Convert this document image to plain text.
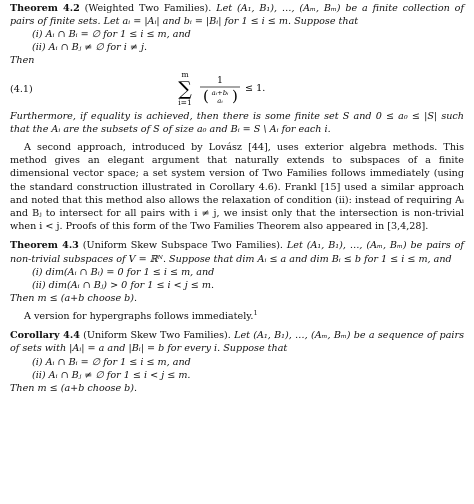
Theorem 4.2 (Weighted Two Families). Let (A₁, B₁), …, (Aₘ, Bₘ) be a finite collection of pairs of finite sets. Let aᵢ = |Aᵢ| and bᵢ = |Bᵢ| for 1 ≤ i ≤ m. Suppose that

(i) Aᵢ ∩ Bᵢ = ∅ for 1 ≤ i ≤ m, and
(ii) Aᵢ ∩ Bⱼ ≠ ∅ for i ≠ j.

Then

(4.1)
m
∑
i=1
1
( aᵢ+bᵢ
aᵢ ) ≤ 1.

Furthermore, if equality is achieved, then there is some finite set S and 0 ≤ a₀ ≤ |S| such that the Aᵢ are the subsets of S of size a₀ and Bᵢ = S \ Aᵢ for each i.

A second approach, introduced by Lovász [44], uses exterior algebra methods. This method gives an elegant argument that naturally extends to subspaces of a finite dimensional vector space; a set system version of Two Families follows immediately (using the standard construction illustrated in Corollary 4.6). Frankl [15] used a similar approach and noted that this method also allows the relaxation of condition (ii): instead of requiring Aᵢ and Bⱼ to intersect for all pairs with i ≠ j, we insist only that the intersection is non-trivial when i < j. Proofs of this form of the Two Families Theorem also appeared in [3,4,28].

Theorem 4.3 (Uniform Skew Subspace Two Families). Let (A₁, B₁), …, (Aₘ, Bₘ) be pairs of non-trivial subspaces of V = ℝᴺ. Suppose that dim Aᵢ ≤ a and dim Bᵢ ≤ b for 1 ≤ i ≤ m, and

(i) dim(Aᵢ ∩ Bᵢ) = 0 for 1 ≤ i ≤ m, and
(ii) dim(Aᵢ ∩ Bⱼ) > 0 for 1 ≤ i < j ≤ m.

Then m ≤ (a+b choose b).

A version for hypergraphs follows immediately.$^1$

Corollary 4.4 (Uniform Skew Two Families). Let (A₁, B₁), …, (Aₘ, Bₘ) be a sequence of pairs of sets with |Aᵢ| = a and |Bᵢ| = b for every i. Suppose that

(i) Aᵢ ∩ Bᵢ = ∅ for 1 ≤ i ≤ m, and
(ii) Aᵢ ∩ Bⱼ ≠ ∅ for 1 ≤ i < j ≤ m.

Then m ≤ (a+b choose b).
